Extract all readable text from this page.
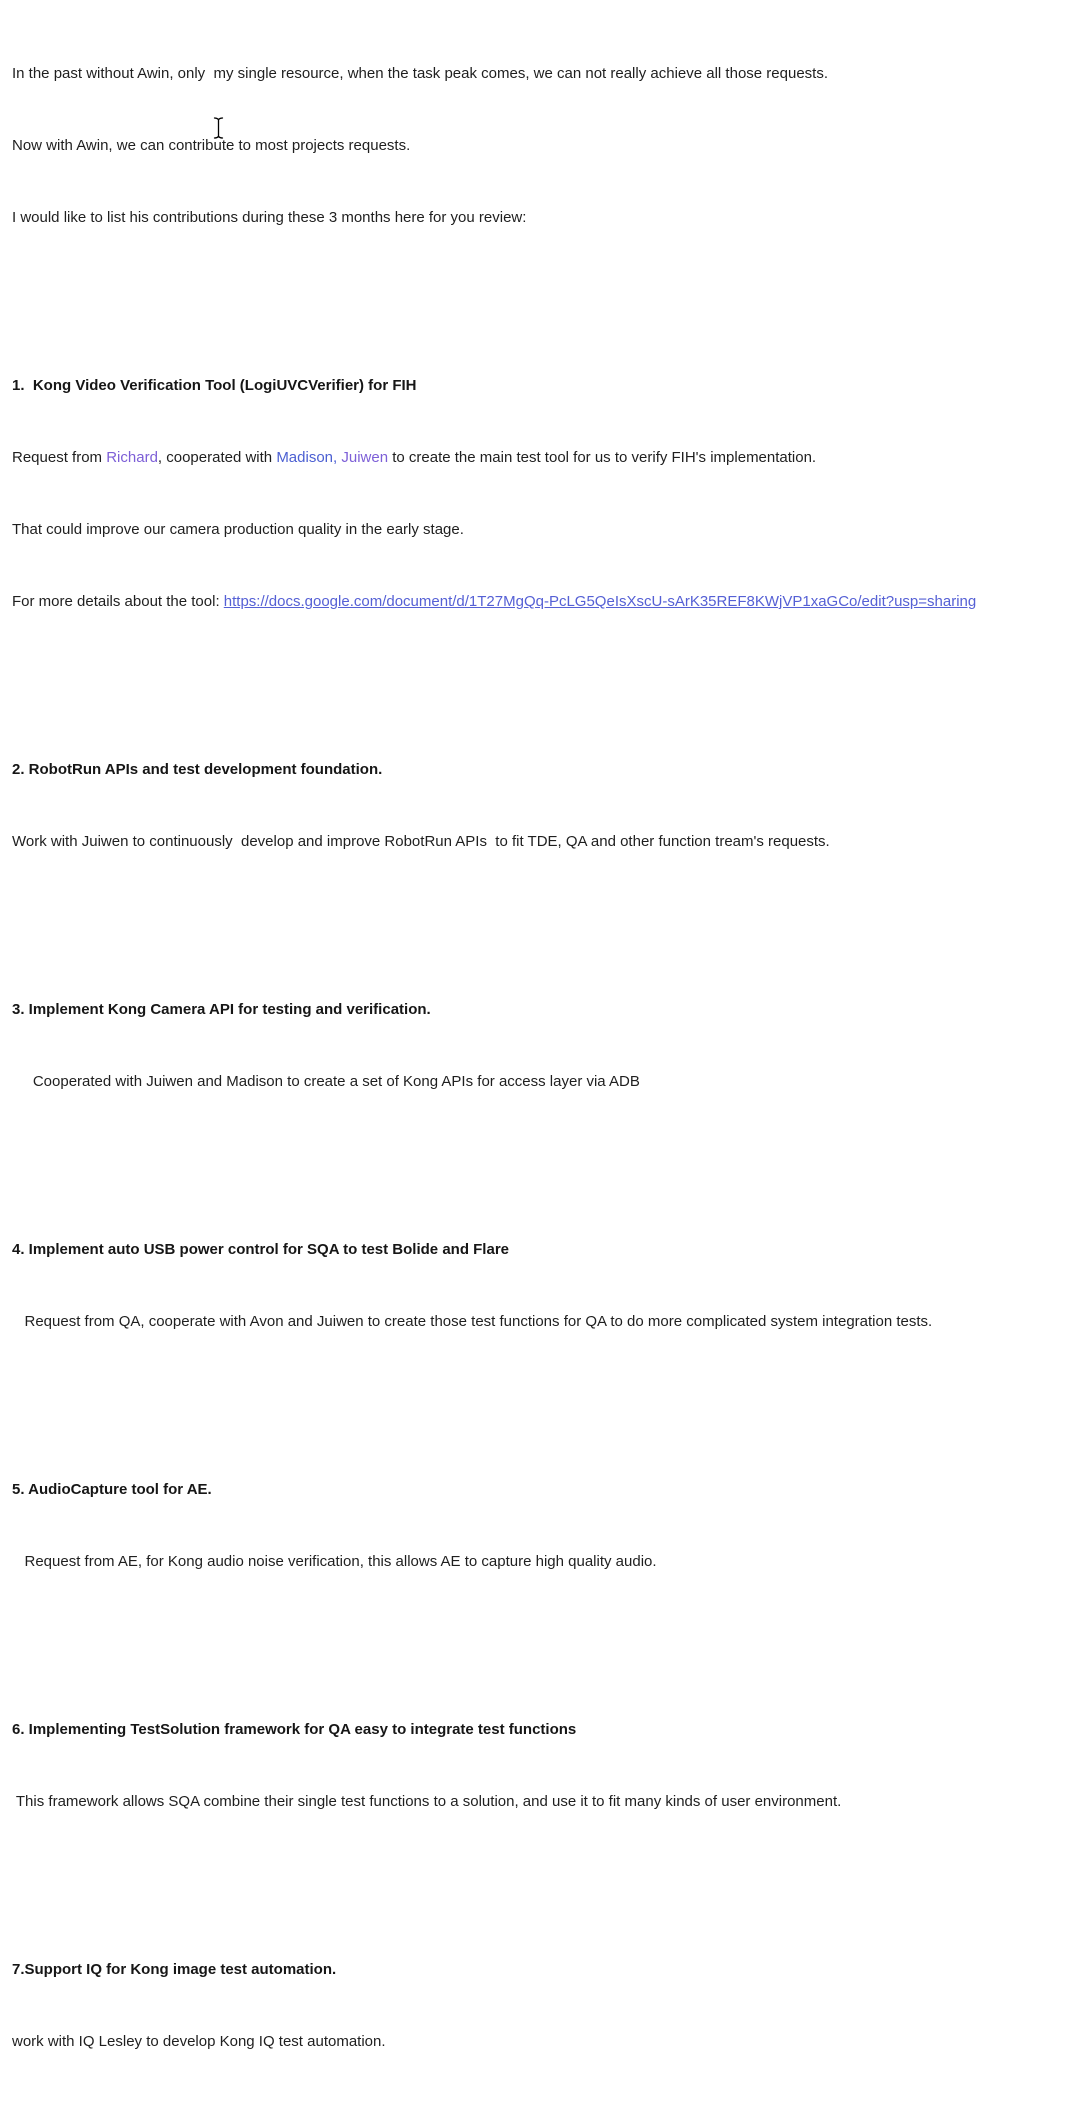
In the past without Awin, only  my single resource, when the task peak comes, we can not really achieve all those requests.

Now with Awin, we can contribute to most projects requests.

I would like to list his contributions during these 3 months here for you review:

1.  Kong Video Verification Tool (LogiUVCVerifier) for FIH

Request from Richard, cooperated with Madison, Juiwen to create the main test tool for us to verify FIH's implementation.

That could improve our camera production quality in the early stage.

For more details about the tool: https://docs.google.com/document/d/1T27MgQq-PcLG5QeIsXscU-sArK35REF8KWjVP1xaGCo/edit?usp=sharing

2. RobotRun APIs and test development foundation.

Work with Juiwen to continuously  develop and improve RobotRun APIs  to fit TDE, QA and other function tream's requests.

3. Implement Kong Camera API for testing and verification.

Cooperated with Juiwen and Madison to create a set of Kong APIs for access layer via ADB

4. Implement auto USB power control for SQA to test Bolide and Flare

Request from QA, cooperate with Avon and Juiwen to create those test functions for QA to do more complicated system integration tests.

5. AudioCapture tool for AE.

Request from AE, for Kong audio noise verification, this allows AE to capture high quality audio.

6. Implementing TestSolution framework for QA easy to integrate test functions

This framework allows SQA combine their single test functions to a solution, and use it to fit many kinds of user environment.

7.Support IQ for Kong image test automation.

work with IQ Lesley to develop Kong IQ test automation.
